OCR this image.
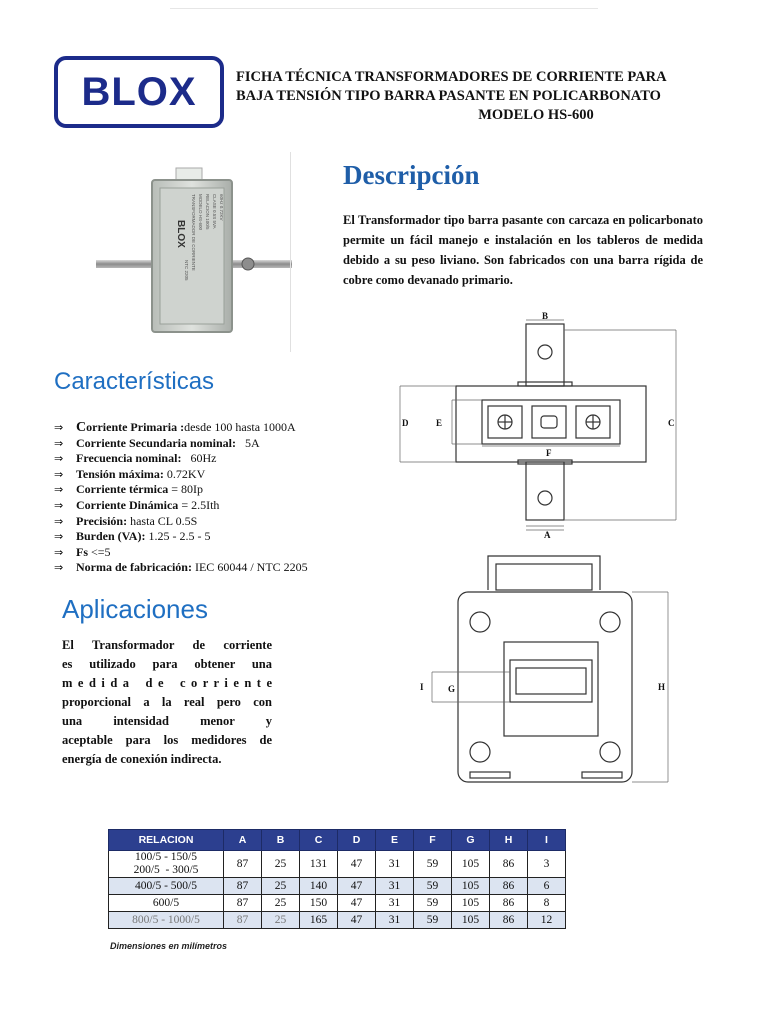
BLOX	FICHA TÉCNICA TRANSFORMADORES DE CORRIENTE PARA
BAJA TENSIÓN TIPO BARRA PASANTE EN POLICARBONATO
MODELO HS-600
BLOX TRANSFORMADOR DE CORRIENTE MODELO HS-600 RELACION 100/5 CLASE 0.5S 5VA 60Hz 0.72KV
NTC 2205
Descripción
El Transformador tipo barra pasante con carcaza en policarbonato permite un fácil manejo e instalación en los tableros de medida debido a su peso liviano. Son fabricados con una barra rígida de cobre como devanado primario.
Características
⇒ C orriente Primaria : desde 100 hasta 1000A
⇒	Corriente Secundaria nominal: 5A
⇒	Frecuencia nominal: 60Hz
⇒	Tensión máxima: 0.72KV
⇒	Corriente térmica = 80Ip
⇒	Corriente Dinámica = 2.5Ith
⇒	Precisión: hasta CL 0.5S
⇒	Burden (VA): 1.25 - 2.5 - 5
⇒	Fs <=5
⇒	Norma de fabricación: IEC 60044 / NTC 2205
Aplicaciones
El Transformador de corriente
es utilizado para obtener una
m e d i d a   d e   c o r r i e n t e
proporcional a la real pero con
una  intensidad  menor  y
aceptable para los medidores de
energía de conexión indirecta.
B
C
D	E
F
A
I	G	H
RELACION	A	B	C	D	E	F	G	H	I

100/5 - 150/5
200/5  - 300/5	87	25	131	47	31	59	105	86	3
400/5 - 500/5	87	25	140	47	31	59	105	86	6
600/5	87	25	150	47	31	59	105	86	8
800/5 - 1000/5	87	25	165	47	31	59	105	86	12
Dimensiones en milímetros
